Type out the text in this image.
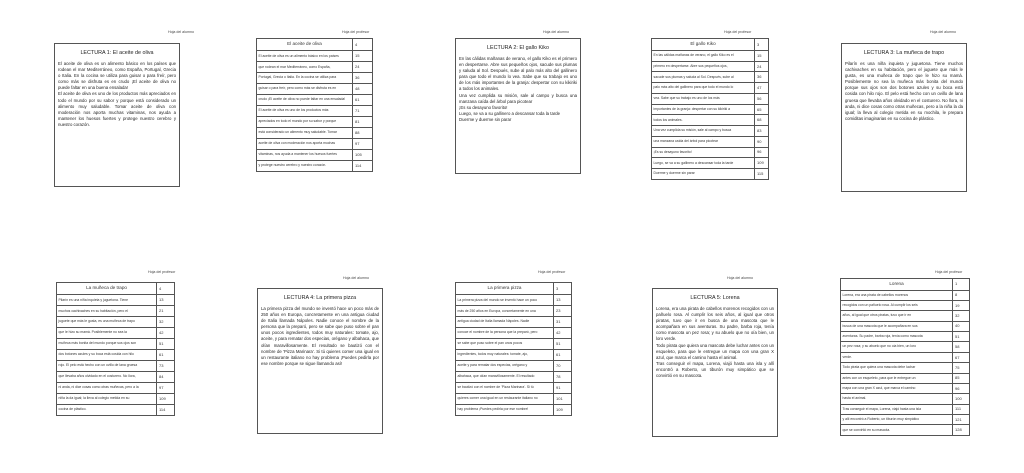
Hoja del alumno
LECTURA 1: El aceite de oliva

El aceite de oliva es un alimento básico en los países que rodean el mar Mediterráneo, como España, Portugal, Grecia o Italia. En la cocina se utiliza para guisar o para freír, pero como más se disfruta es en crudo ¡El aceite de oliva no puede faltar en una buena ensalada!

El aceite de oliva es uno de los productos más apreciados en todo el mundo por su sabor y porque está considerado un alimento muy saludable. Tomar aceite de oliva con moderación nos aporta muchas vitaminas, nos ayuda a mantener los huesos fuertes y protege nuestro cerebro y nuestro corazón.

Hoja del profesor
El aceite de oliva	4
El aceite de oliva es un alimento básico en los países	15
que rodean el mar Mediterráneo, como España,	24
Portugal, Grecia o Italia. En la cocina se utiliza para	36
guisar o para freír, pero como más se disfruta es en	48
crudo ¡El aceite de oliva no puede faltar en una ensalada!	61
El aceite de oliva es uno de los productos más	71
apreciados en todo el mundo por su sabor y porque	81
está considerado un alimento muy saludable. Tomar	88
aceite de oliva con moderación nos aporta muchas	97
vitaminas, nos ayuda a mantener los huesos fuertes	105
y protege nuestro cerebro y nuestro corazón.	114
Hoja del alumno
LECTURA 2: El gallo Kiko

En las cálidas mañanas de verano, el gallo Kiko es el primero en despertarse. Abre sus pequeños ojos, sacude sus plumas y saluda al Sol. Después, sube al palo más alto del gallinero para que todo el mundo lo vea. Sabe que su trabajo es uno de los más importantes de la granja: despertar con su kikiriki a todos los animales.

Una vez cumplida su misión, sale al campo y busca una manzana caída del árbol para picotear

¡Es su desayuno favorito!

Luego, se va a su gallinero a descansar toda la tarde

Duerme y duerme sin parar

Hoja del profesor
El gallo Kiko	3
En las cálidas mañanas de verano, el gallo Kiko es el	15
primero en despertarse. Abre sus pequeños ojos,	24
sacude sus plumas y saluda al Sol. Después, sube al	36
palo más alto del gallinero para que todo el mundo lo	47
vea. Sabe que su trabajo es uno de los más	56
importantes de la granja: despertar con su kikiriki a	65
todos los animales.	68
Una vez cumplida su misión, sale al campo y busca	83
una manzana caída del árbol para picotear	90
¡Es su desayuno favorito!	96
Luego, se va a su gallinero a descansar toda la tarde	109
Duerme y duerme sin parar	115
Hoja del alumno
LECTURA 3: La muñeca de trapo

Pilarín es una niña inquieta y juguetona. Tiene muchos cachivaches en su habitación, pero el juguete que más le gusta, es una muñeca de trapo que le hizo su mamá. Posiblemente no sea la muñeca más bonita del mundo porque sus ojos son dos botones azules y su boca está cosida con hilo rojo. El pelo está hecho con un ovillo de lana gruesa que llevaba años olvidado en el costurero. No llora, ni anda, ni dice cosas como otras muñecas, pero a la niña la da igual; la lleva al colegio metida en su mochila, le prepara comiditas imaginarias en su cocina de plástico.

Hoja del profesor
La muñeca de trapo	4
Pilarín es una niña inquieta y juguetona. Tiene	13
muchos cachivaches en su habitación, pero el	21
juguete que más le gusta, es una muñeca de trapo	32
que le hizo su mamá. Posiblemente no sea la	42
muñeca más bonita del mundo porque sus ojos son	51
dos botones azules y su boca está cosida con hilo	61
rojo. El pelo está hecho con un ovillo de lana gruesa	73
que llevaba años olvidado en el costurero. No llora,	84
ni anda, ni dice cosas como otras muñecas, pero a la	97
niña la da igual; la lleva al colegio metida en su	109
cocina de plástico.	114
Hoja del alumno
LECTURA 4: La primera pizza

La primera pizza del mundo se inventó hace un poco más de 250 años en Europa, concretamente en una antigua ciudad de Italia llamada Nápoles. Nadie conoce el nombre de la persona que la preparó, pero se sabe que puso sobre el pan unos pocos ingredientes, todos muy naturales: tomate, ajo, aceite, y para rematar dos especias, orégano y albahaca, que olían maravillosamente. El resultado se bautizó con el nombre de 'Pizza Marinara'. Si tú quieres comer una igual en un restaurante italiano no hay problema ¡Puedes pedirla por ese nombre porque se sigue llamando así!

Hoja del profesor
La primera pizza	3
La primera pizza del mundo se inventó hace un poco	13
más de 250 años en Europa, concretamente en una	23
antigua ciudad de Italia llamada Nápoles. Nadie	31
conoce el nombre de la persona que la preparó, pero	42
se sabe que puso sobre el pan unos pocos	51
ingredientes, todos muy naturales: tomate, ajo,	61
aceite y para rematar dos especias, orégano y	70
albahaca, que olían maravillosamente. El resultado	78
se bautizó con el nombre de 'Pizza Marinara'. Si tú	91
quieres comer una igual en un restaurante italiano no	101
hay problema ¡Puedes pedirla por ese nombre!	109
Hoja del alumno
LECTURA 5: Lorena

Lorena, era una pirata de cabellos morenos recogidos con un pañuelo rosa. Al cumplir los seis años, al igual que otros piratas, tuvo que ir en busca de una mascota que le acompañara en sus aventuras. Su padre, barba roja, tenía como mascota un pez rosa; y su abuelo que no oía bien, un loro verde.

Todo pirata que quiera una mascota debe luchar antes con un esqueleto, para que le entregue un mapa con una gran X azul, que marca el camino hasta el animal.

Tras conseguir el mapa, Lorena, viajó hasta una isla y allí encontró a Roberto, un tiburón muy simpático que se convirtió en su mascota.

Hoja del profesor
Lorena	1
Lorena, era una pirata de cabellos morenos	8
recogidos con un pañuelo rosa. Al cumplir los seis	19
años, al igual que otros piratas, tuvo que ir en	32
busca de una mascota que le acompañara en sus	40
aventuras. Su padre, barba roja, tenía como mascota	51
un pez rosa; y su abuelo que no oía bien, un loro	58
verde.	67
Todo pirata que quiera una mascota debe luchar	75
antes con un esqueleto, para que le entregue un	85
mapa con una gran X azul, que marca el camino	96
hasta el animal.	100
Tras conseguir el mapa, Lorena, viajó hasta una isla	111
y allí encontró a Roberto, un tiburón muy simpático	121
que se convirtió en su mascota.	128
